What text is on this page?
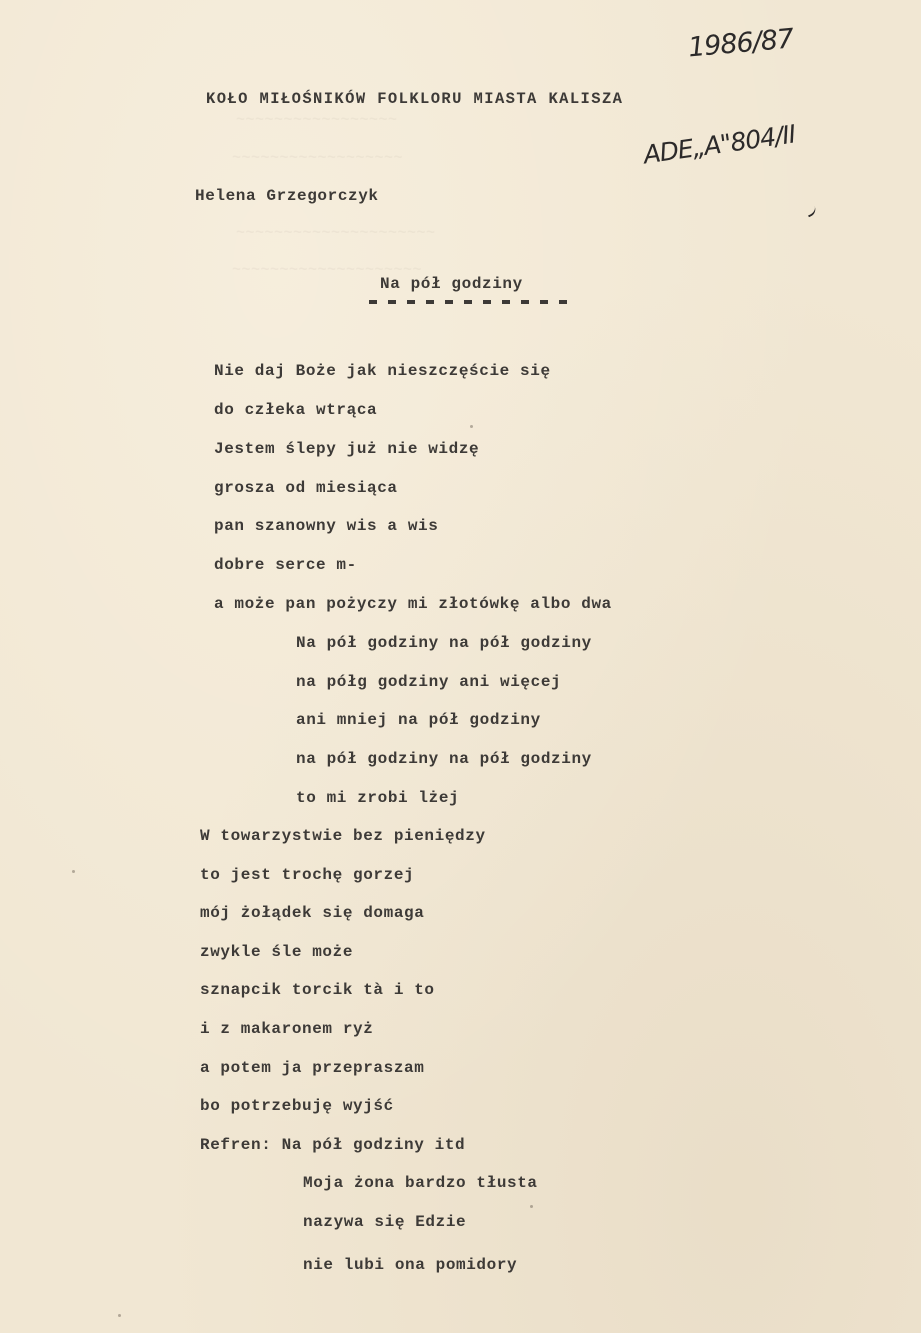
~~~~~~~~~~~~~~~~~
~~~~~~~~~~~~~~~~~~
~~~~~~~~~~~~~~~~~~~~~
~~~~~~~~~~~~~~~~~~~~
1986/87
ADE„A"804/II
KOŁO MIŁOŚNIKÓW FOLKLORU MIASTA KALISZA
Helena Grzegorczyk
Na pół godziny
Nie daj Boże jak nieszczęście się
do człeka wtrąca
Jestem ślepy już nie widzę
grosza od miesiąca
pan szanowny wis a wis
dobre serce m-
a może pan pożyczy mi złotówkę albo dwa
Na pół godziny na pół godziny
na półg godziny ani więcej
ani mniej na pół godziny
na pół godziny na pół godziny
to mi zrobi lżej
W towarzystwie bez pieniędzy
to jest trochę gorzej
mój żołądek się domaga
zwykle śle może
sznapcik torcik tà i to
i z makaronem ryż
a potem ja przepraszam
bo potrzebuję wyjść
Refren: Na pół godziny itd
Moja żona bardzo tłusta
nazywa się Edzie
nie lubi ona pomidory
